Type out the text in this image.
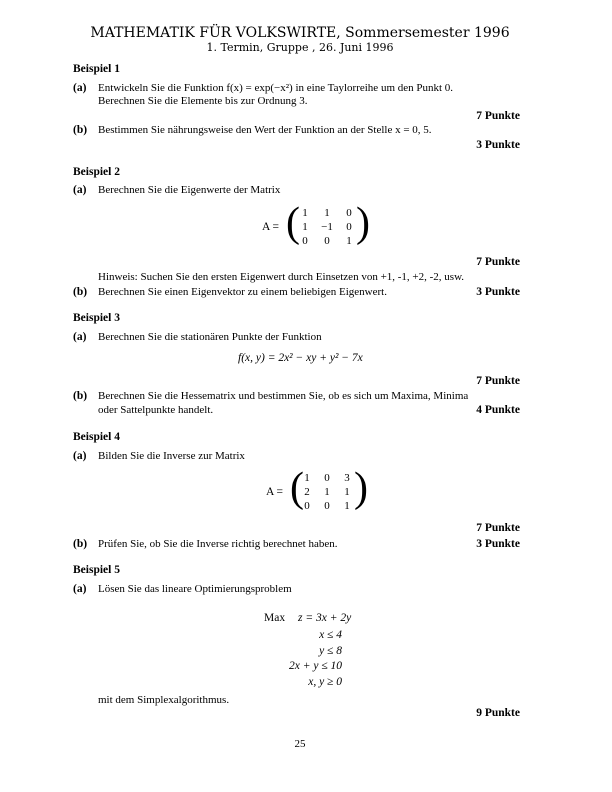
MATHEMATIK FÜR VOLKSWIRTE, Sommersemester 1996
1. Termin, Gruppe , 26. Juni 1996
Beispiel 1
(a) Entwickeln Sie die Funktion f(x) = exp(−x²) in eine Taylorreihe um den Punkt 0.
Berechnen Sie die Elemente bis zur Ordnung 3.
7 Punkte
(b) Bestimmen Sie nährungsweise den Wert der Funktion an der Stelle x = 0, 5.
3 Punkte
Beispiel 2
(a) Berechnen Sie die Eigenwerte der Matrix
A = ( 1	1	0
1	−1	0
0	0	1 )
7 Punkte
Hinweis: Suchen Sie den ersten Eigenwert durch Einsetzen von +1, -1, +2, -2, usw.
(b) Berechnen Sie einen Eigenvektor zu einem beliebigen Eigenwert.	3 Punkte
Beispiel 3
(a) Berechnen Sie die stationären Punkte der Funktion
f(x, y) = 2x² − xy + y² − 7x
7 Punkte
(b) Berechnen Sie die Hessematrix und bestimmen Sie, ob es sich um Maxima, Minima
oder Sattelpunkte handelt.	4 Punkte
Beispiel 4
(a) Bilden Sie die Inverse zur Matrix
A = ( 1	0	3
2	1	1
0	0	1 )
7 Punkte
(b) Prüfen Sie, ob Sie die Inverse richtig berechnet haben.	3 Punkte
Beispiel 5
(a) Lösen Sie das lineare Optimierungsproblem
Max z = 3x + 2y
x ≤ 4
y ≤ 8
2x + y ≤ 10
x, y ≥ 0
mit dem Simplexalgorithmus.
9 Punkte
25
